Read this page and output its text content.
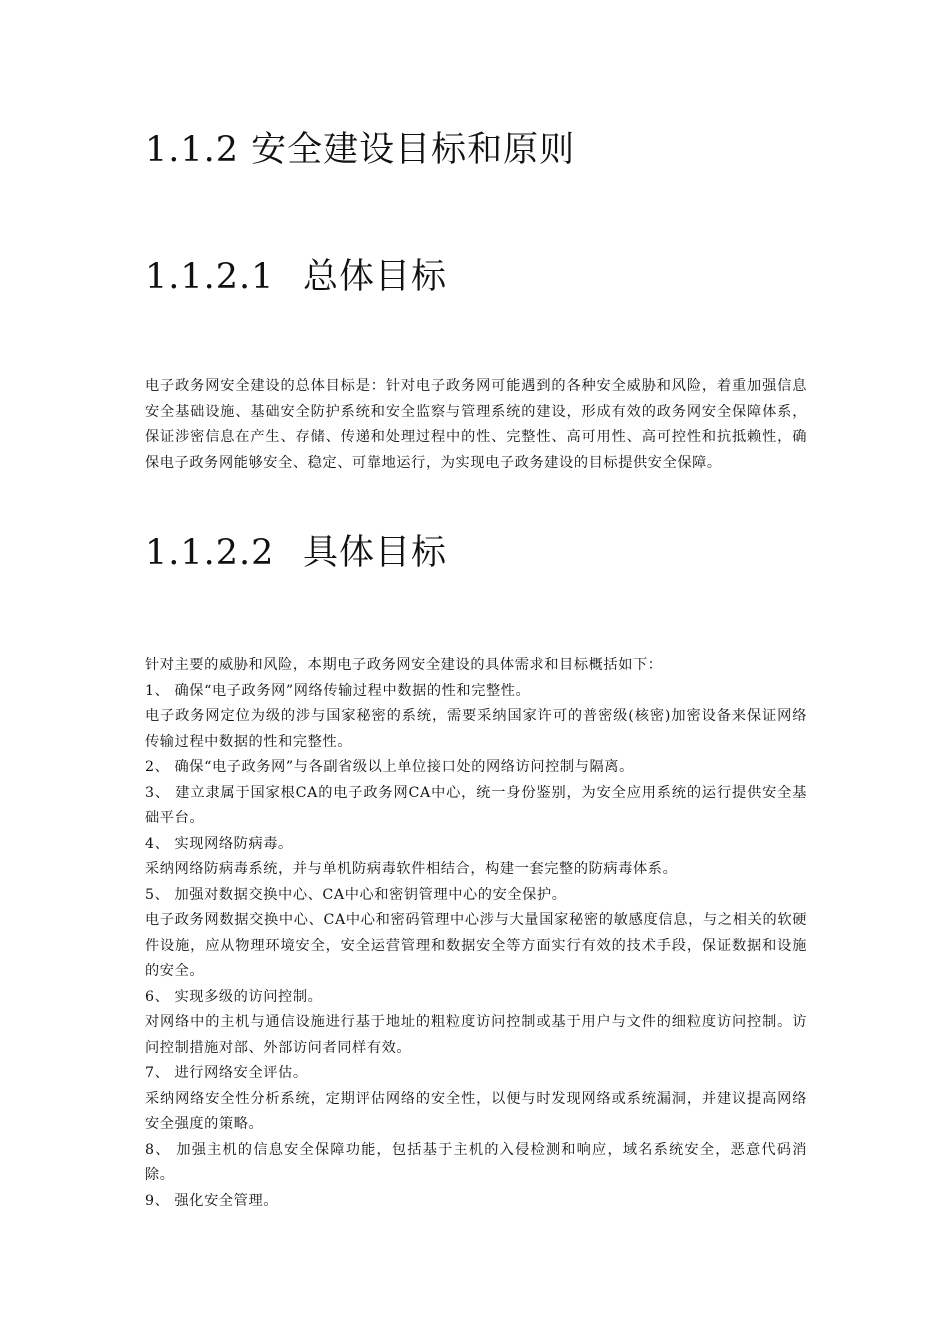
1.1.2 安全建设目标和原则
1.1.2.1 总体目标

电子政务网安全建设的总体目标是：针对电子政务网可能遇到的各种安全威胁和风险，着重加强信息安全基础设施、基础安全防护系统和安全监察与管理系统的建设，形成有效的政务网安全保障体系，保证涉密信息在产生、存储、传递和处理过程中的性、完整性、高可用性、高可控性和抗抵赖性，确保电子政务网能够安全、稳定、可靠地运行，为实现电子政务建设的目标提供安全保障。

1.1.2.2 具体目标
针对主要的威胁和风险，本期电子政务网安全建设的具体需求和目标概括如下：
1、 确保“电子政务网”网络传输过程中数据的性和完整性。
电子政务网定位为级的涉与国家秘密的系统，需要采纳国家许可的普密级(核密)加密设备来保证网络传输过程中数据的性和完整性。
2、 确保“电子政务网”与各副省级以上单位接口处的网络访问控制与隔离。
3、 建立隶属于国家根CA的电子政务网CA中心，统一身份鉴别，为安全应用系统的运行提供安全基础平台。
4、 实现网络防病毒。
采纳网络防病毒系统，并与单机防病毒软件相结合，构建一套完整的防病毒体系。
5、 加强对数据交换中心、CA中心和密钥管理中心的安全保护。
电子政务网数据交换中心、CA中心和密码管理中心涉与大量国家秘密的敏感度信息，与之相关的软硬件设施，应从物理环境安全，安全运营管理和数据安全等方面实行有效的技术手段，保证数据和设施的安全。
6、 实现多级的访问控制。
对网络中的主机与通信设施进行基于地址的粗粒度访问控制或基于用户与文件的细粒度访问控制。访问控制措施对部、外部访问者同样有效。
7、 进行网络安全评估。
采纳网络安全性分析系统，定期评估网络的安全性，以便与时发现网络或系统漏洞，并建议提高网络安全强度的策略。
8、 加强主机的信息安全保障功能，包括基于主机的入侵检测和响应，域名系统安全，恶意代码消除。
9、 强化安全管理。
